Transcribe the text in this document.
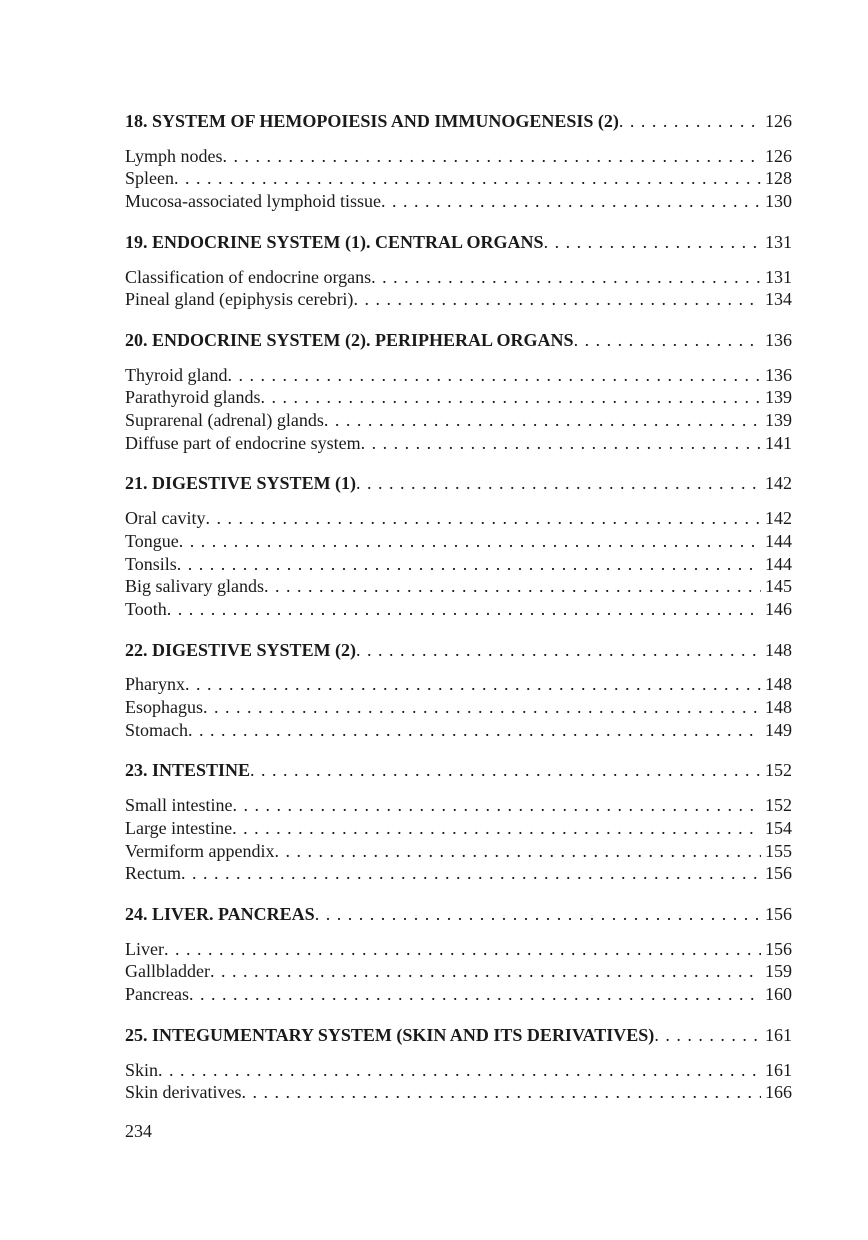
18. SYSTEM OF HEMOPOIESIS AND IMMUNOGENESIS (2) . . .	126
Lymph nodes . . .	126
Spleen . . .	128
Mucosa-associated lymphoid tissue . . .	130
19. ENDOCRINE SYSTEM (1). CENTRAL ORGANS . . .	131
Classification of endocrine organs . . .	131
Pineal gland (epiphysis cerebri) . . .	134
20. ENDOCRINE SYSTEM (2). PERIPHERAL ORGANS . . .	136
Thyroid gland . . .	136
Parathyroid glands . . .	139
Suprarenal (adrenal) glands . . .	139
Diffuse part of endocrine system . . .	141
21. DIGESTIVE SYSTEM (1) . . .	142
Oral cavity . . .	142
Tongue . . .	144
Tonsils . . .	144
Big salivary glands . . .	145
Tooth . . .	146
22. DIGESTIVE SYSTEM (2) . . .	148
Pharynx . . .	148
Esophagus . . .	148
Stomach . . .	149
23. INTESTINE . . .	152
Small intestine . . .	152
Large intestine . . .	154
Vermiform appendix . . .	155
Rectum . . .	156
24. LIVER. PANCREAS . . .	156
Liver . . .	156
Gallbladder . . .	159
Pancreas . . .	160
25. INTEGUMENTARY SYSTEM (SKIN AND ITS DERIVATIVES) . . .	161
Skin . . .	161
Skin derivatives . . .	166
234
